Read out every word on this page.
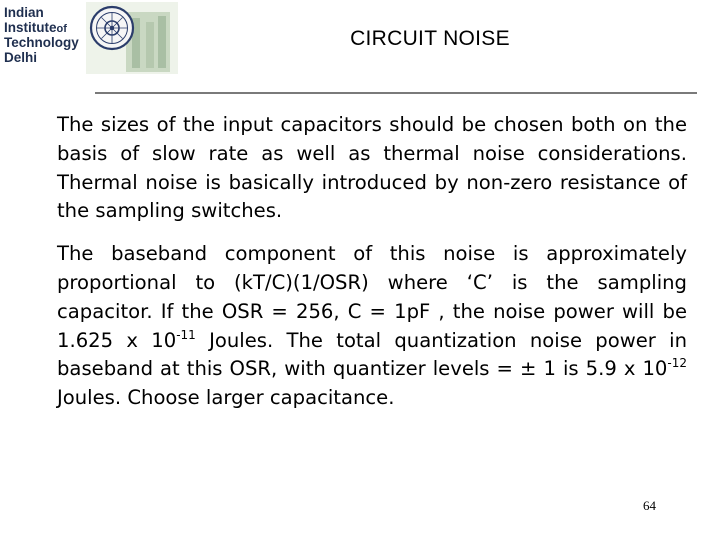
Indian
Instituteof
Technology
Delhi
CIRCUIT NOISE

The sizes of the input capacitors should be chosen both on the basis of slow rate as well as thermal noise considerations. Thermal noise is basically introduced by non-zero resistance of the sampling switches.

The baseband component of this noise is approximately proportional to (kT/C)(1/OSR) where ‘C’ is the sampling capacitor. If the OSR = 256, C = 1pF , the noise power will be 1.625 x $10^{-11}$ Joules. The total quantization noise power in baseband at this OSR, with quantizer levels = ± 1 is 5.9 x $10^{-12}$ Joules. Choose larger capacitance.

64
